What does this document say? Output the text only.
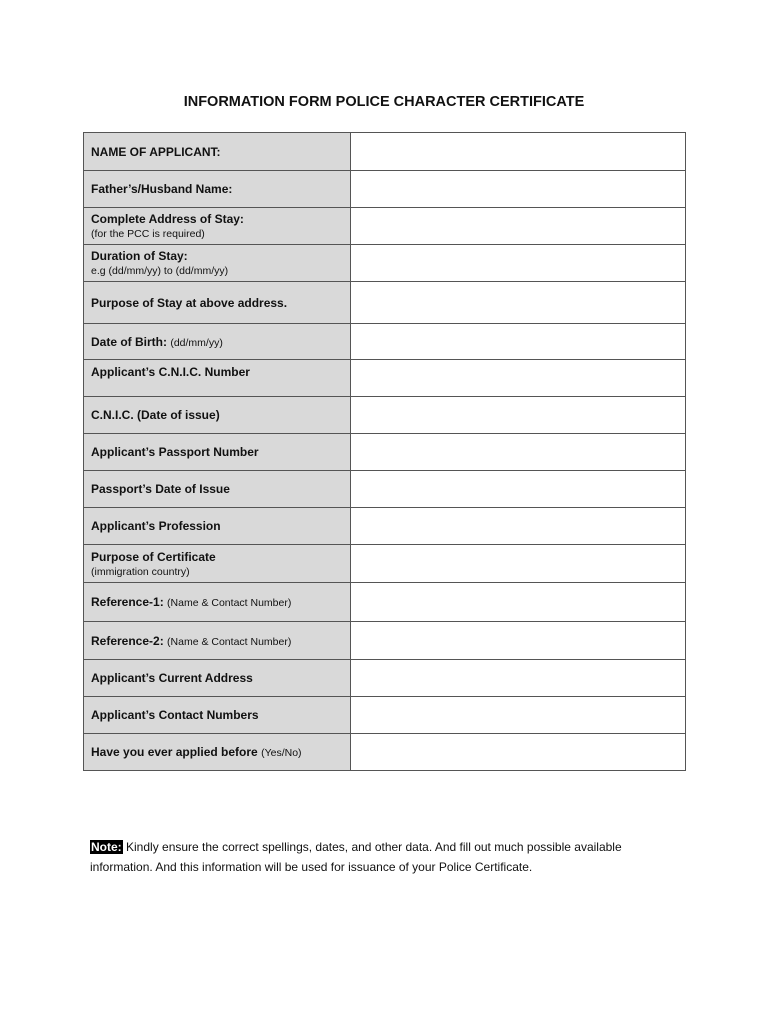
INFORMATION FORM POLICE CHARACTER CERTIFICATE
NAME OF APPLICANT:	
Father’s/Husband Name:	
Complete Address of Stay:
(for the PCC is required)	

Duration of Stay:
e.g (dd/mm/yy) to (dd/mm/yy)	

Purpose of Stay at above address.	
Date of Birth: (dd/mm/yy)	
Applicant’s C.N.I.C. Number	
C.N.I.C. (Date of issue)	
Applicant’s Passport Number	
Passport’s Date of Issue	
Applicant’s Profession	
Purpose of Certificate
(immigration country)	

Reference-1: (Name & Contact Number)	
Reference-2: (Name & Contact Number)	
Applicant’s Current Address	
Applicant’s Contact Numbers	
Have you ever applied before (Yes/No)	
Note: Kindly ensure the correct spellings, dates, and other data. And fill out much possible available information. And this information will be used for issuance of your Police Certificate.
